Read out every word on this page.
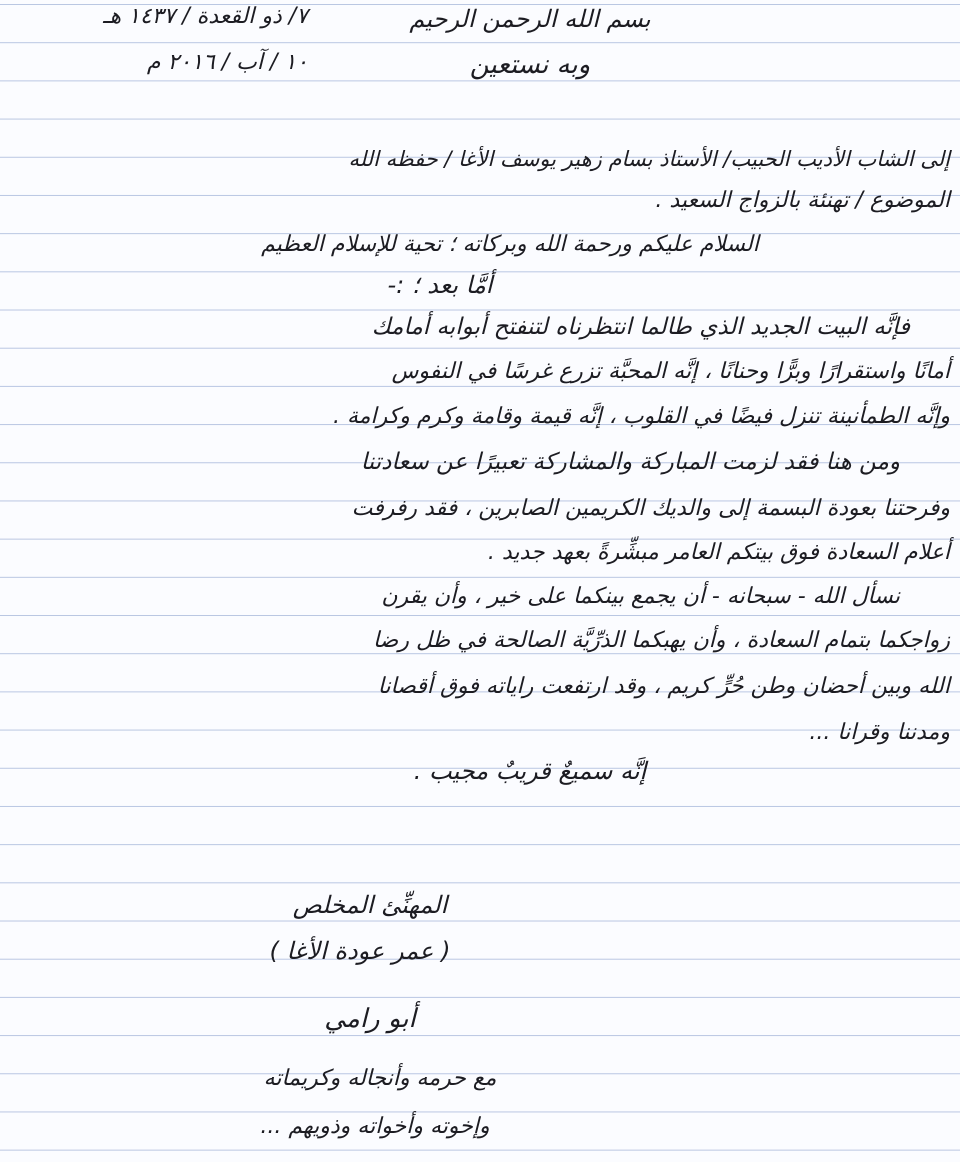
بسم الله الرحمن الرحيم
وبه نستعين
٧/ ذو القعدة / ١٤٣٧ هـ
١٠ / آب / ٢٠١٦ م
إلى الشاب الأديب الحبيب/ الأستاذ بسام زهير يوسف الأغا / حفظه الله
الموضوع / تهنئة بالزواج السعيد .
السلام عليكم ورحمة الله وبركاته ؛ تحية للإسلام العظيم
أمَّا بعد ؛ :-
فإنَّه البيت الجديد الذي طالما انتظرناه لتنفتح أبوابه أمامك
أمانًا واستقرارًا وبرًّا وحنانًا ، إنَّه المحبَّة تزرع غرسًا في النفوس
وإنَّه الطمأنينة تنزل فيضًا في القلوب ، إنَّه قيمة وقامة وكرم وكرامة .
ومن هنا فقد لزمت المباركة والمشاركة تعبيرًا عن سعادتنا
وفرحتنا بعودة البسمة إلى والديك الكريمين الصابرين ، فقد رفرفت
أعلام السعادة فوق بيتكم العامر مبشِّرةً بعهد جديد .
نسأل الله - سبحانه - أن يجمع بينكما على خير ، وأن يقرن
زواجكما بتمام السعادة ، وأن يهبكما الذرِّيَّة الصالحة في ظل رضا
الله وبين أحضان وطن حُرٍّ كريم ، وقد ارتفعت راياته فوق أقصانا
ومدننا وقرانا ...
إنَّه سميعٌ قريبٌ مجيب .
المهنِّئ المخلص
( عمر عودة الأغا )
أبو رامي
مع حرمه وأنجاله وكريماته
وإخوته وأخواته وذويهم ...
